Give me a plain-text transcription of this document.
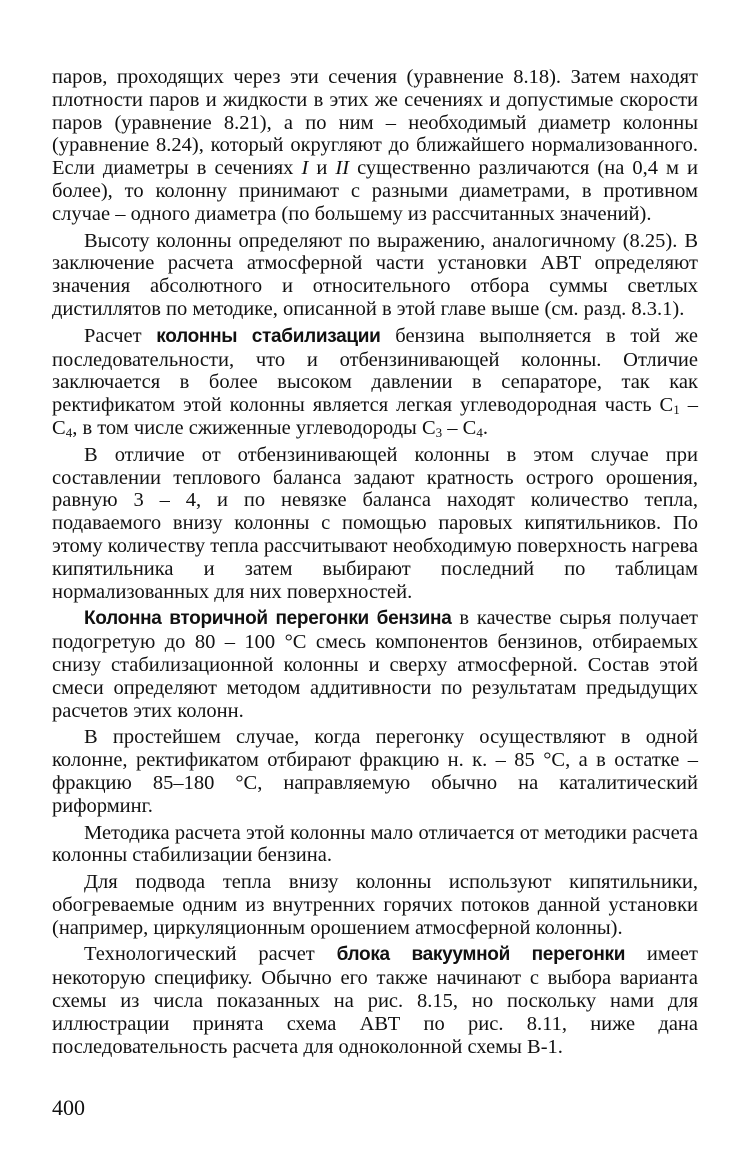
паров, проходящих через эти сечения (уравнение 8.18). Затем находят плотности паров и жидкости в этих же сечениях и допустимые скорости паров (уравнение 8.21), а по ним – необходимый диаметр колонны (уравнение 8.24), который округляют до ближайшего нормализованного. Если диаметры в сечениях I и II существенно различаются (на 0,4 м и более), то колонну принимают с разными диаметрами, в противном случае – одного диаметра (по большему из рассчитанных значений).

Высоту колонны определяют по выражению, аналогичному (8.25). В заключение расчета атмосферной части установки АВТ определяют значения абсолютного и относительного отбора суммы светлых дистиллятов по методике, описанной в этой главе выше (см. разд. 8.3.1).

Расчет колонны стабилизации бензина выполняется в той же последовательности, что и отбензинивающей колонны. Отличие заключается в более высоком давлении в сепараторе, так как ректификатом этой колонны является легкая углеводородная часть $C_1 - C_4$, в том числе сжиженные углеводороды $C_3 - C_4$.

В отличие от отбензинивающей колонны в этом случае при составлении теплового баланса задают кратность острого орошения, равную 3 – 4, и по невязке баланса находят количество тепла, подаваемого внизу колонны с помощью паровых кипятильников. По этому количеству тепла рассчитывают необходимую поверхность нагрева кипятильника и затем выбирают последний по таблицам нормализованных для них поверхностей.

Колонна вторичной перегонки бензина в качестве сырья получает подогретую до 80 – 100 °C смесь компонентов бензинов, отбираемых снизу стабилизационной колонны и сверху атмосферной. Состав этой смеси определяют методом аддитивности по результатам предыдущих расчетов этих колонн.

В простейшем случае, когда перегонку осуществляют в одной колонне, ректификатом отбирают фракцию н. к. – 85 °C, а в остатке – фракцию 85–180 °C, направляемую обычно на каталитический риформинг.

Методика расчета этой колонны мало отличается от методики расчета колонны стабилизации бензина.

Для подвода тепла внизу колонны используют кипятильники, обогреваемые одним из внутренних горячих потоков данной установки (например, циркуляционным орошением атмосферной колонны).

Технологический расчет блока вакуумной перегонки имеет некоторую специфику. Обычно его также начинают с выбора варианта схемы из числа показанных на рис. 8.15, но поскольку нами для иллюстрации принята схема АВТ по рис. 8.11, ниже дана последовательность расчета для одноколонной схемы В-1.

400
